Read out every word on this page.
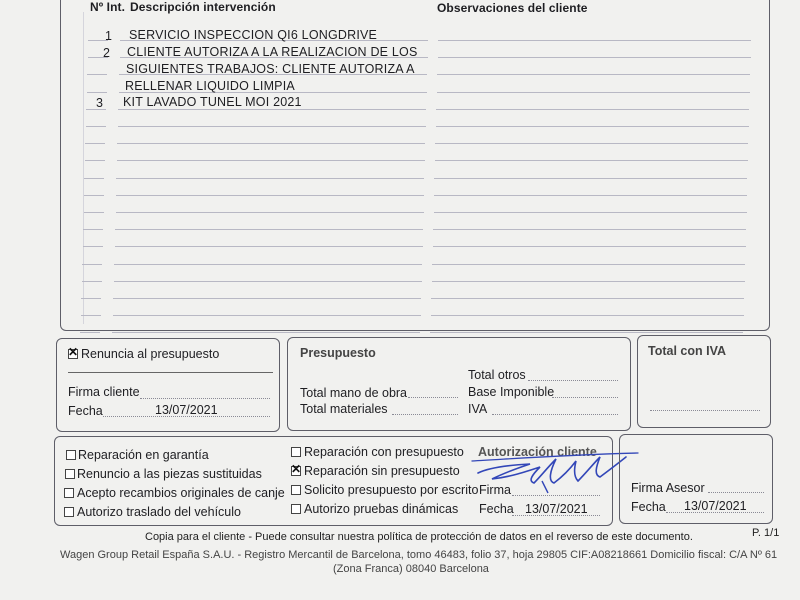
Nº Int. Descripción intervención	Observaciones del cliente
1 SERVICIO INSPECCION QI6 LONGDRIVE
2 CLIENTE AUTORIZA A LA REALIZACION DE LOS
SIGUIENTES TRABAJOS: CLIENTE AUTORIZA A
RELLENAR LIQUIDO LIMPIA
3 KIT LAVADO TUNEL MOI 2021
✕
Renuncia al presupuesto
Firma cliente
Fecha	13/07/2021
Presupuesto
Total otros
Total mano de obra	Base Imponible
Total materiales	IVA
Total con IVA
Reparación en garantía
Renuncio a las piezas sustituidas
Acepto recambios originales de canje
Autorizo traslado del vehículo
Reparación con presupuesto
✕
Reparación sin presupuesto
Solicito presupuesto por escrito
Autorizo pruebas dinámicas
Autorización cliente
Firma
Fecha 13/07/2021
Firma Asesor
Fecha 13/07/2021
Copia para el cliente - Puede consultar nuestra política de protección de datos en el reverso de este documento.	P. 1/1
Wagen Group Retail España S.A.U. - Registro Mercantil de Barcelona, tomo 46483, folio 37, hoja 29805 CIF:A08218661 Domicilio fiscal: C/A Nº 61
(Zona Franca) 08040 Barcelona
